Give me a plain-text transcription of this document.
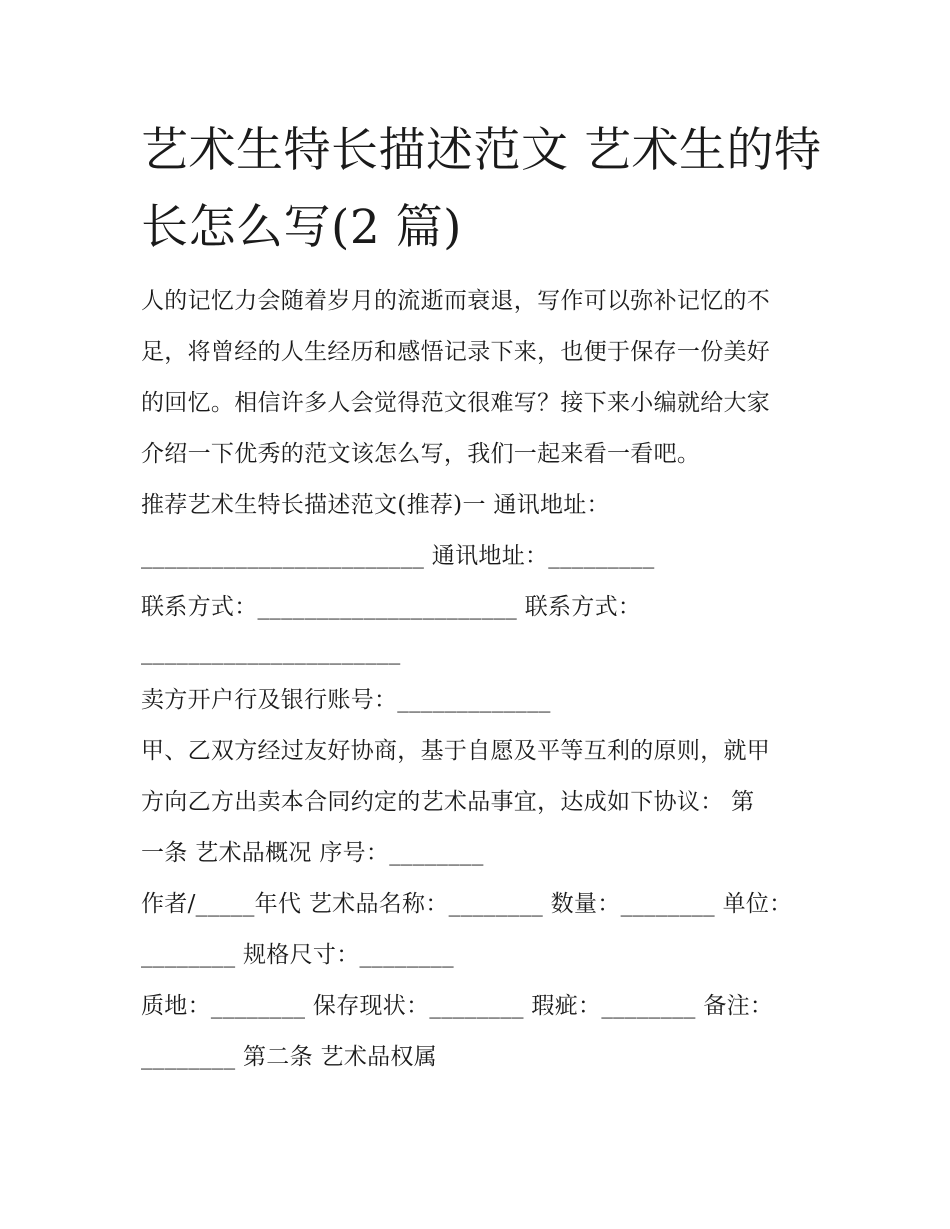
艺术生特长描述范文 艺术生的特长怎么写(2 篇)
人的记忆力会随着岁月的流逝而衰退，写作可以弥补记忆的不
足，将曾经的人生经历和感悟记录下来，也便于保存一份美好
的回忆。相信许多人会觉得范文很难写？接下来小编就给大家
介绍一下优秀的范文该怎么写，我们一起来看一看吧。
推荐艺术生特长描述范文(推荐)一 通讯地址：
________________________ 通讯地址：_________
联系方式：______________________ 联系方式：
______________________
卖方开户行及银行账号：_____________
甲、乙双方经过友好协商，基于自愿及平等互利的原则，就甲
方向乙方出卖本合同约定的艺术品事宜，达成如下协议： 第
一条 艺术品概况 序号：________
作者/_____年代 艺术品名称：________ 数量：________ 单位：
________ 规格尺寸：________
质地：________ 保存现状：________ 瑕疵：________ 备注：
________ 第二条 艺术品权属
